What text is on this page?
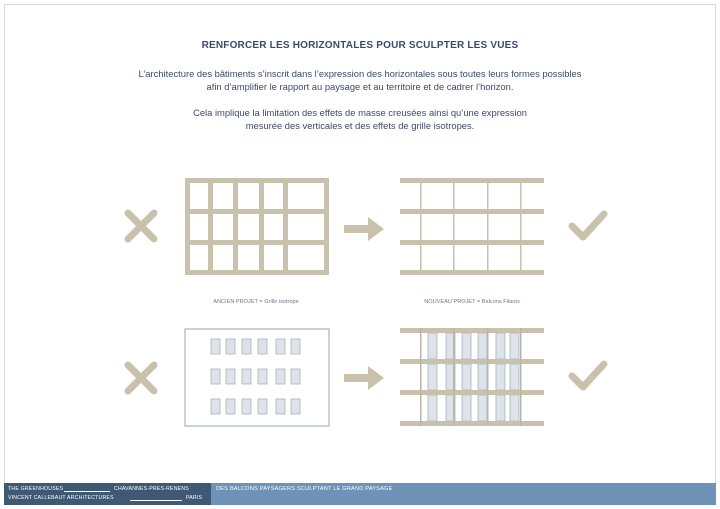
RENFORCER LES HORIZONTALES POUR SCULPTER LES VUES
L’architecture des bâtiments s’inscrit dans l’expression des horizontales sous toutes leurs formes possibles
afin d’amplifier le rapport au paysage et au territoire et de cadrer l’horizon.
Cela implique la limitation des effets de masse creusées ainsi qu’une expression
mesurée des verticales et des effets de grille isotropes.
ANCIEN PROJET = Grille isotrope	NOUVEAU PROJET = Balcons Filants
THE GREENHOUSES	CHAVANNES-PRES-RENENS
VINCENT CALLEBAUT ARCHITECTURES	PARIS
DES BALCONS PAYSAGERS SCULPTANT LE GRAND PAYSAGE
